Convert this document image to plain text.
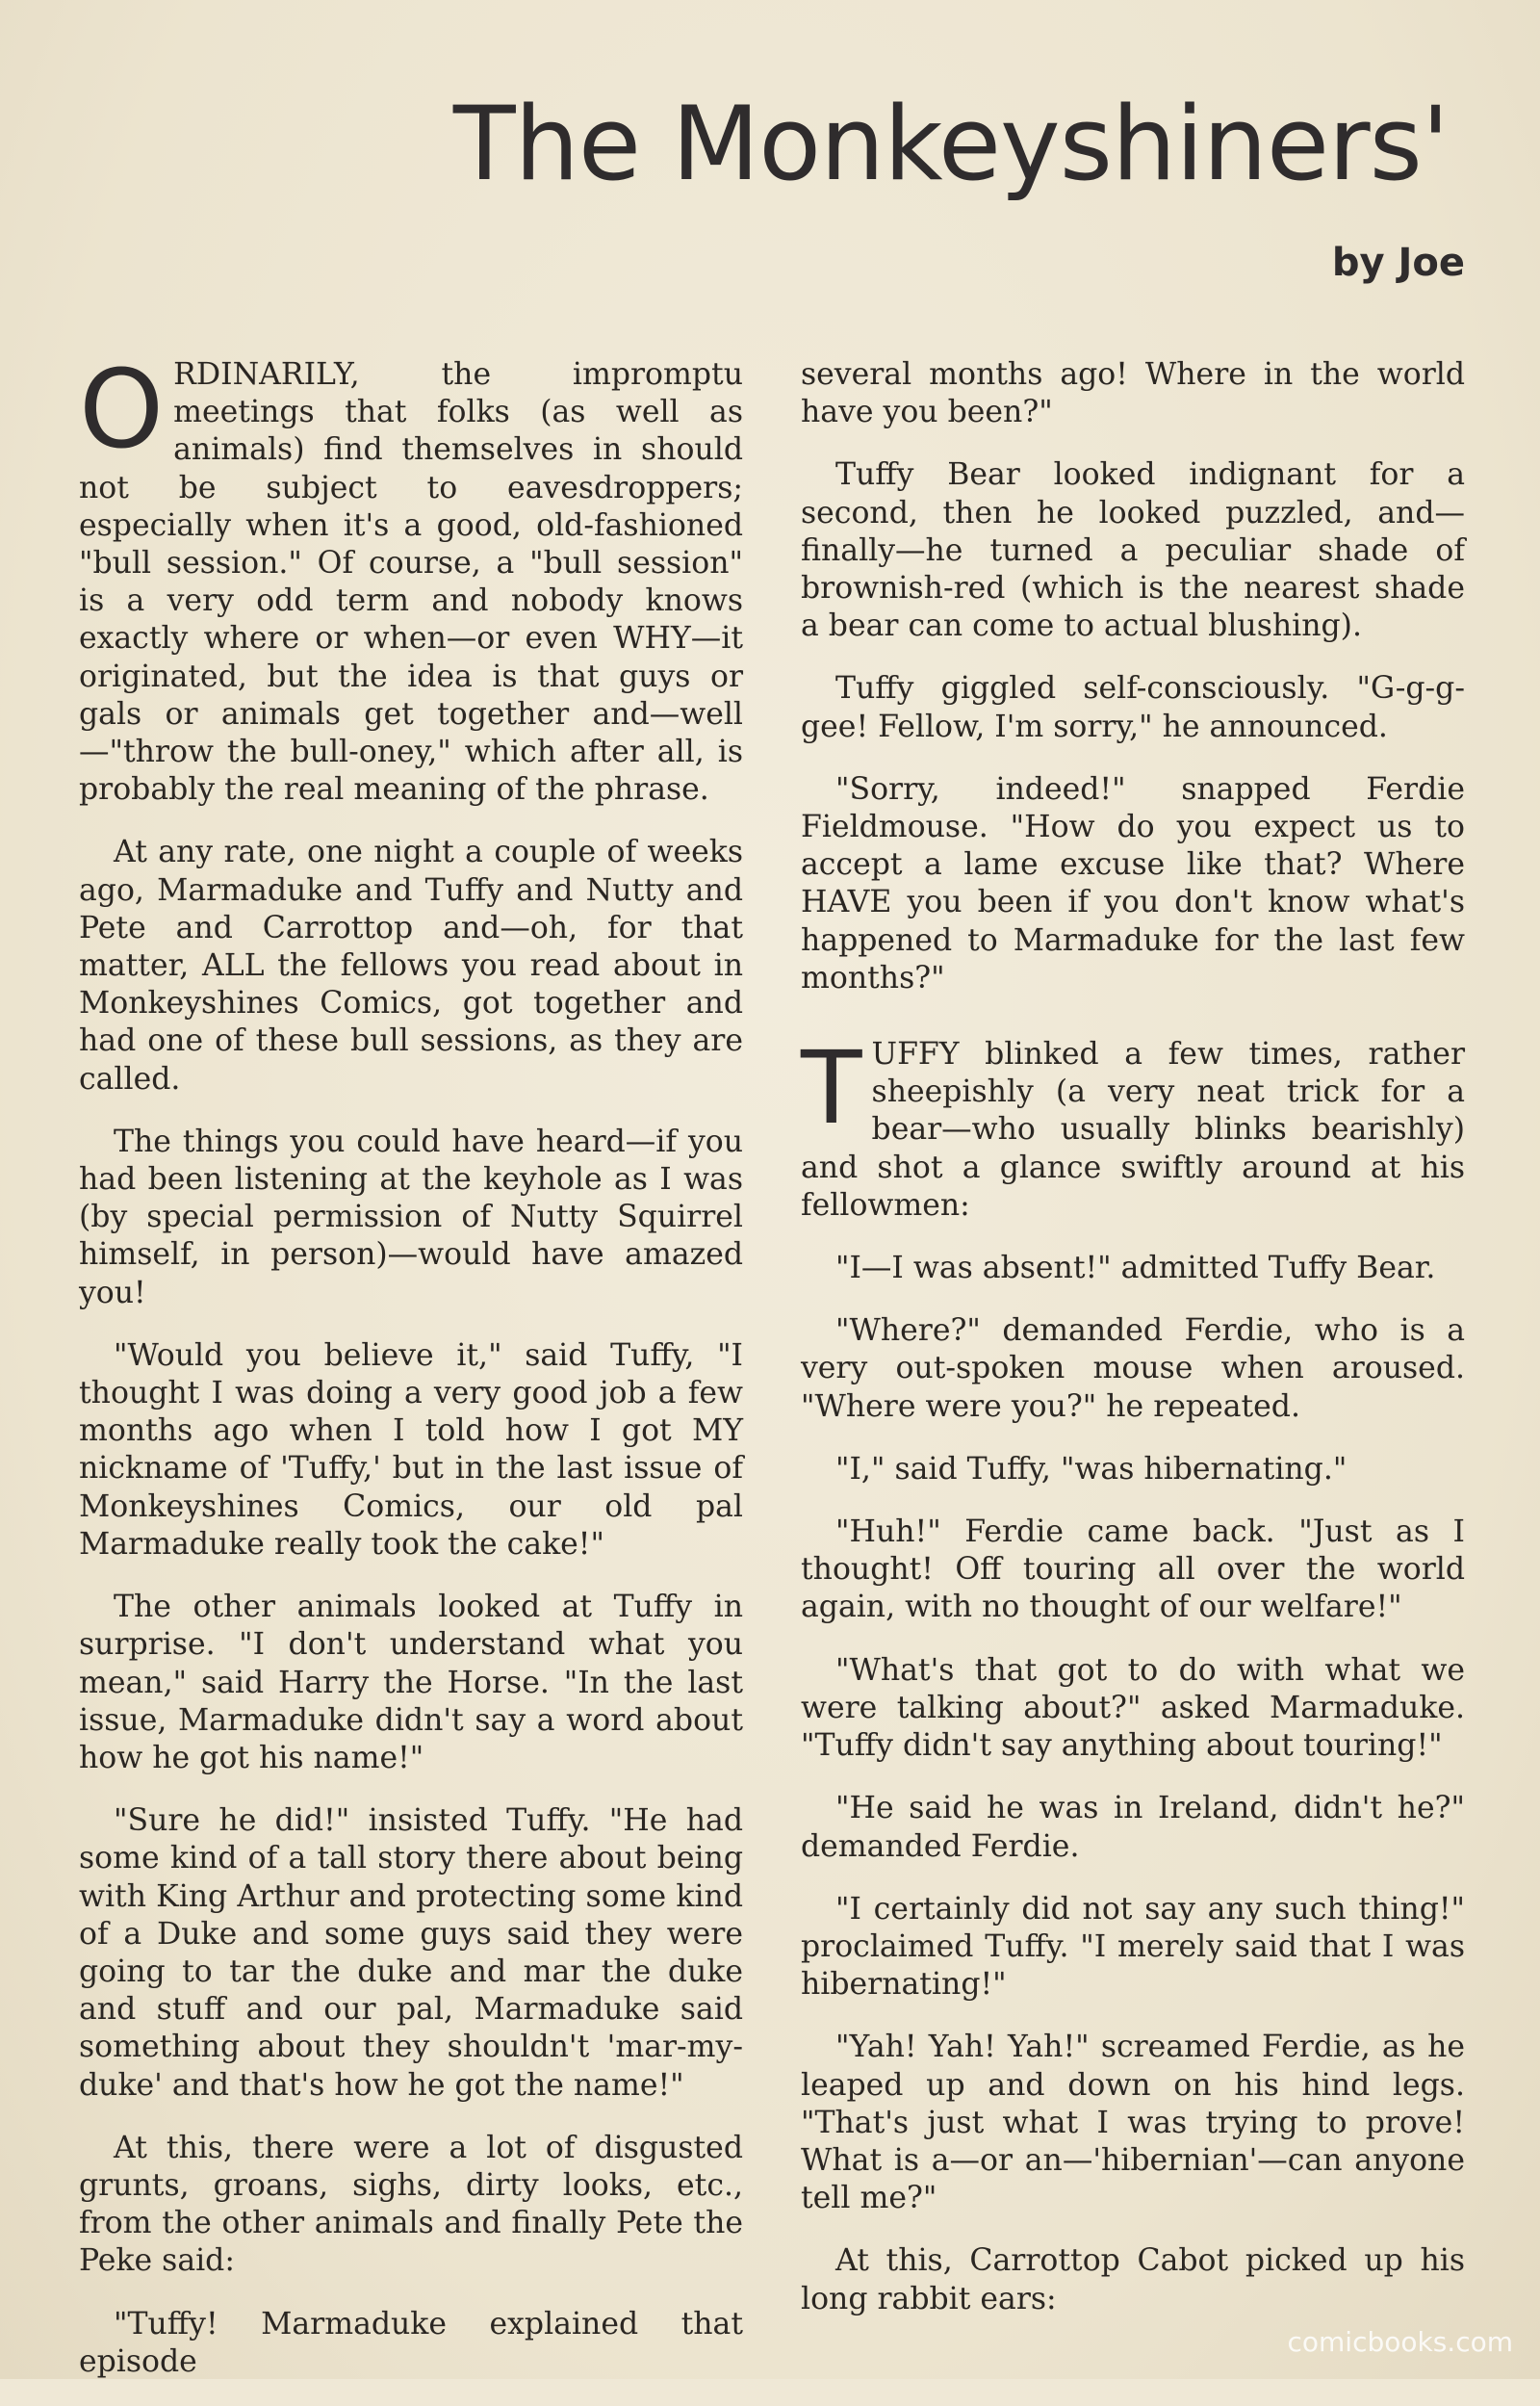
The Monkeyshiners'
by Joe

ORDINARILY, the impromptu meetings that folks (as well as animals) find themselves in should not be subject to eavesdroppers; especially when it's a good, old-fashioned "bull session." Of course, a "bull session" is a very odd term and nobody knows exactly where or when—or even WHY—it originated, but the idea is that guys or gals or animals get together and—well—"throw the bull-oney," which after all, is probably the real meaning of the phrase.

At any rate, one night a couple of weeks ago, Marmaduke and Tuffy and Nutty and Pete and Carrottop and—oh, for that matter, ALL the fellows you read about in Monkeyshines Comics, got together and had one of these bull sessions, as they are called.

The things you could have heard—if you had been listening at the keyhole as I was (by special permission of Nutty Squirrel himself, in person)—would have amazed you!

"Would you believe it," said Tuffy, "I thought I was doing a very good job a few months ago when I told how I got MY nickname of 'Tuffy,' but in the last issue of Monkeyshines Comics, our old pal Marmaduke really took the cake!"

The other animals looked at Tuffy in surprise. "I don't understand what you mean," said Harry the Horse. "In the last issue, Marmaduke didn't say a word about how he got his name!"

"Sure he did!" insisted Tuffy. "He had some kind of a tall story there about being with King Arthur and protecting some kind of a Duke and some guys said they were going to tar the duke and mar the duke and stuff and our pal, Marmaduke said something about they shouldn't 'mar-my-duke' and that's how he got the name!"

At this, there were a lot of disgusted grunts, groans, sighs, dirty looks, etc., from the other animals and finally Pete the Peke said:

"Tuffy! Marmaduke explained that episode

several months ago! Where in the world have you been?"

Tuffy Bear looked indignant for a second, then he looked puzzled, and—finally—he turned a peculiar shade of brownish-red (which is the nearest shade a bear can come to actual blushing).

Tuffy giggled self-consciously. "G-g-g-gee! Fellow, I'm sorry," he announced.

"Sorry, indeed!" snapped Ferdie Fieldmouse. "How do you expect us to accept a lame excuse like that? Where HAVE you been if you don't know what's happened to Marmaduke for the last few months?"

TUFFY blinked a few times, rather sheepishly (a very neat trick for a bear—who usually blinks bearishly) and shot a glance swiftly around at his fellowmen:

"I—I was absent!" admitted Tuffy Bear.

"Where?" demanded Ferdie, who is a very out-spoken mouse when aroused. "Where were you?" he repeated.

"I," said Tuffy, "was hibernating."

"Huh!" Ferdie came back. "Just as I thought! Off touring all over the world again, with no thought of our welfare!"

"What's that got to do with what we were talking about?" asked Marmaduke. "Tuffy didn't say anything about touring!"

"He said he was in Ireland, didn't he?" demanded Ferdie.

"I certainly did not say any such thing!" proclaimed Tuffy. "I merely said that I was hibernating!"

"Yah! Yah! Yah!" screamed Ferdie, as he leaped up and down on his hind legs. "That's just what I was trying to prove! What is a—or an—'hibernian'—can anyone tell me?"

At this, Carrottop Cabot picked up his long rabbit ears:

comicbooks.com
